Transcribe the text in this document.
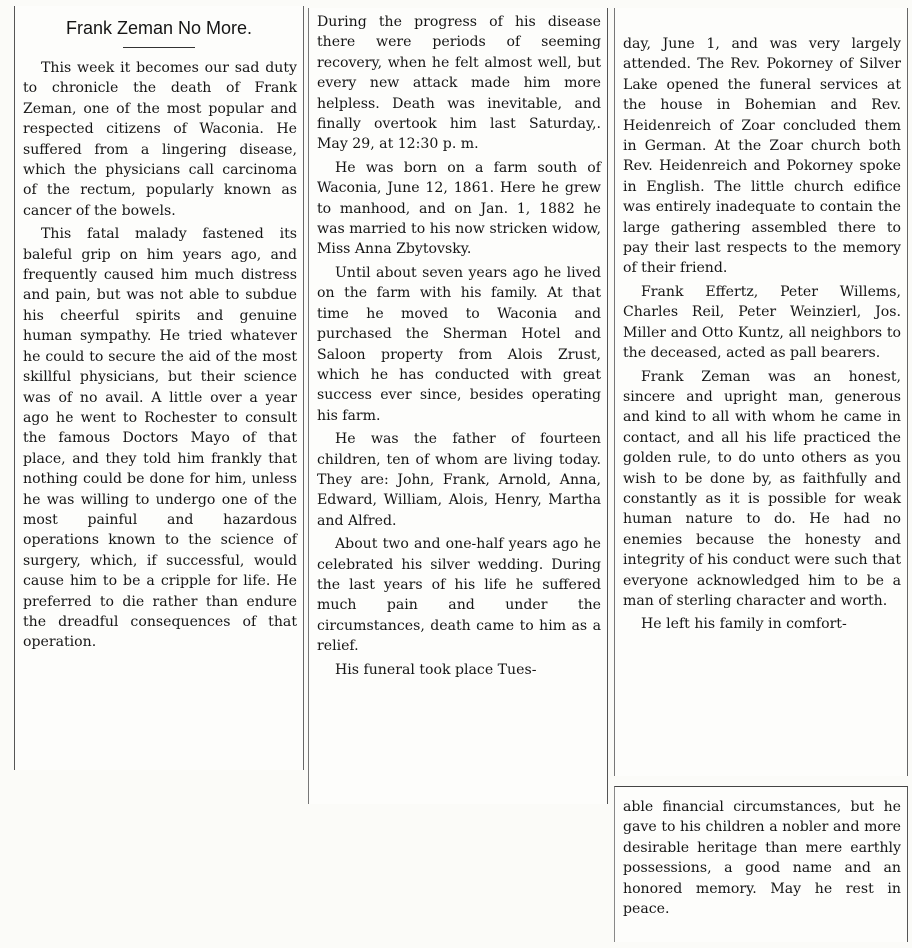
Frank Zeman No More.

This week it becomes our sad duty to chronicle the death of Frank Zeman, one of the most popular and respected citizens of Waconia. He suffered from a lingering disease, which the physicians call carcinoma of the rectum, popularly known as cancer of the bowels.

This fatal malady fastened its baleful grip on him years ago, and frequently caused him much distress and pain, but was not able to subdue his cheerful spirits and genuine human sympathy. He tried whatever he could to secure the aid of the most skillful physicians, but their science was of no avail. A little over a year ago he went to Rochester to consult the famous Doctors Mayo of that place, and they told him frankly that nothing could be done for him, unless he was willing to undergo one of the most painful and hazardous operations known to the science of surgery, which, if successful, would cause him to be a cripple for life. He preferred to die rather than endure the dreadful consequences of that operation.

During the progress of his disease there were periods of seeming recovery, when he felt almost well, but every new attack made him more helpless. Death was inevitable, and finally overtook him last Saturday,. May 29, at 12:30 p. m.

He was born on a farm south of Waconia, June 12, 1861. Here he grew to manhood, and on Jan. 1, 1882 he was married to his now stricken widow, Miss Anna Zbytovsky.

Until about seven years ago he lived on the farm with his family. At that time he moved to Waconia and purchased the Sherman Hotel and Saloon property from Alois Zrust, which he has conducted with great success ever since, besides operating his farm.

He was the father of fourteen children, ten of whom are living today. They are: John, Frank, Arnold, Anna, Edward, William, Alois, Henry, Martha and Alfred.

About two and one-half years ago he celebrated his silver wedding. During the last years of his life he suffered much pain and under the circumstances, death came to him as a relief.

His funeral took place Tues-

day, June 1, and was very largely attended. The Rev. Pokorney of Silver Lake opened the funeral services at the house in Bohemian and Rev. Heidenreich of Zoar concluded them in German. At the Zoar church both Rev. Heidenreich and Pokorney spoke in English. The little church edifice was entirely inadequate to contain the large gathering assembled there to pay their last respects to the memory of their friend.

Frank Effertz, Peter Willems, Charles Reil, Peter Weinzierl, Jos. Miller and Otto Kuntz, all neighbors to the deceased, acted as pall bearers.

Frank Zeman was an honest, sincere and upright man, generous and kind to all with whom he came in contact, and all his life practiced the golden rule, to do unto others as you wish to be done by, as faithfully and constantly as it is possible for weak human nature to do. He had no enemies because the honesty and integrity of his conduct were such that everyone acknowledged him to be a man of sterling character and worth.

He left his family in comfort-

able financial circumstances, but he gave to his children a nobler and more desirable heritage than mere earthly possessions, a good name and an honored memory. May he rest in peace.
